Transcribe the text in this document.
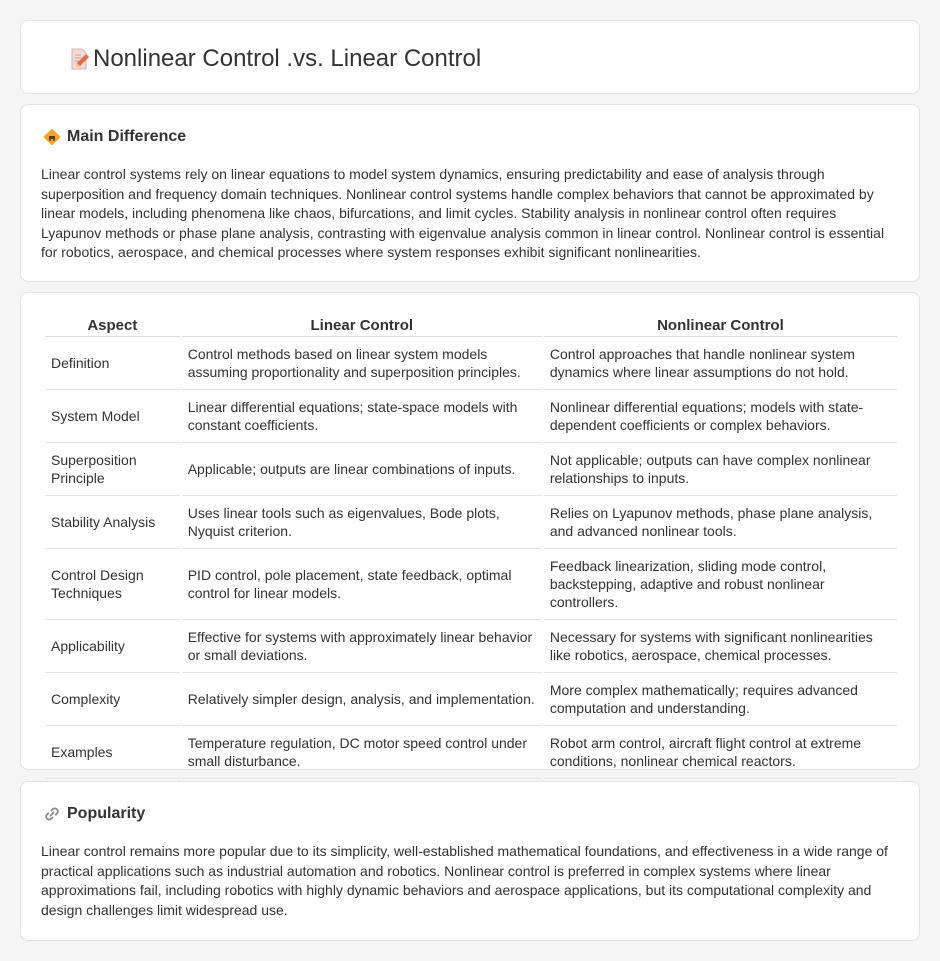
Nonlinear Control .vs. Linear Control
Main Difference

Linear control systems rely on linear equations to model system dynamics, ensuring predictability and ease of analysis through superposition and frequency domain techniques. Nonlinear control systems handle complex behaviors that cannot be approximated by linear models, including phenomena like chaos, bifurcations, and limit cycles. Stability analysis in nonlinear control often requires Lyapunov methods or phase plane analysis, contrasting with eigenvalue analysis common in linear control. Nonlinear control is essential for robotics, aerospace, and chemical processes where system responses exhibit significant nonlinearities.

Aspect	Linear Control	Nonlinear Control
Definition	Control methods based on linear system models assuming proportionality and superposition principles.	Control approaches that handle nonlinear system dynamics where linear assumptions do not hold.
System Model	Linear differential equations; state-space models with constant coefficients.	Nonlinear differential equations; models with state-dependent coefficients or complex behaviors.
Superposition Principle	Applicable; outputs are linear combinations of inputs.	Not applicable; outputs can have complex nonlinear relationships to inputs.
Stability Analysis	Uses linear tools such as eigenvalues, Bode plots, Nyquist criterion.	Relies on Lyapunov methods, phase plane analysis, and advanced nonlinear tools.
Control Design Techniques	PID control, pole placement, state feedback, optimal control for linear models.	Feedback linearization, sliding mode control, backstepping, adaptive and robust nonlinear controllers.
Applicability	Effective for systems with approximately linear behavior or small deviations.	Necessary for systems with significant nonlinearities like robotics, aerospace, chemical processes.
Complexity	Relatively simpler design, analysis, and implementation.	More complex mathematically; requires advanced computation and understanding.
Examples	Temperature regulation, DC motor speed control under small disturbance.	Robot arm control, aircraft flight control at extreme conditions, nonlinear chemical reactors.
Popularity

Linear control remains more popular due to its simplicity, well-established mathematical foundations, and effectiveness in a wide range of practical applications such as industrial automation and robotics. Nonlinear control is preferred in complex systems where linear approximations fail, including robotics with highly dynamic behaviors and aerospace applications, but its computational complexity and design challenges limit widespread use.
